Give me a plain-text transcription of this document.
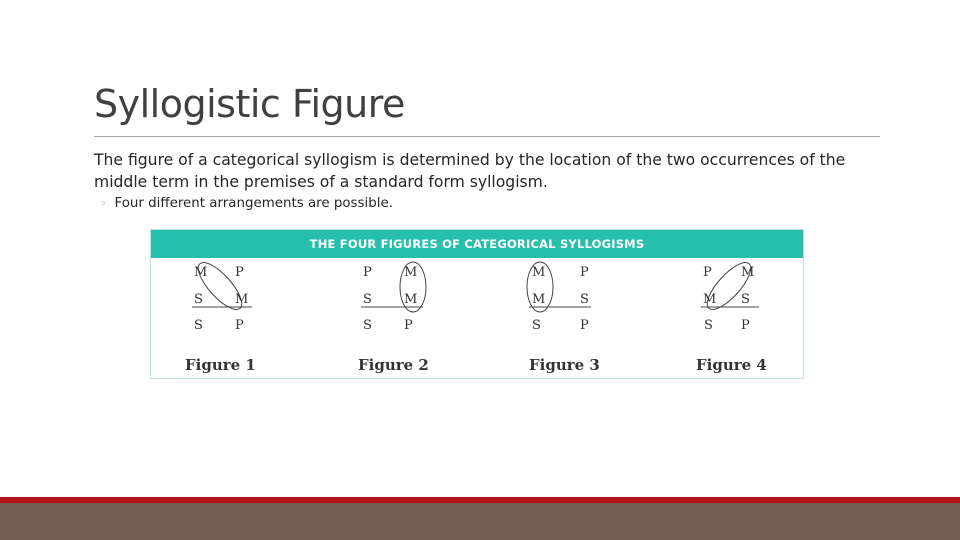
Syllogistic Figure

The figure of a categorical syllogism is determined by the location of the two occurrences of the middle term in the premises of a standard form syllogism.

◦ Four different arrangements are possible.
THE FOUR FIGURES OF CATEGORICAL SYLLOGISMS
M P
S M
S P
Figure 1
P M
S M
S P
Figure 2
M	P
M	S
S	P
Figure 3
P M
M S
S P
Figure 4
